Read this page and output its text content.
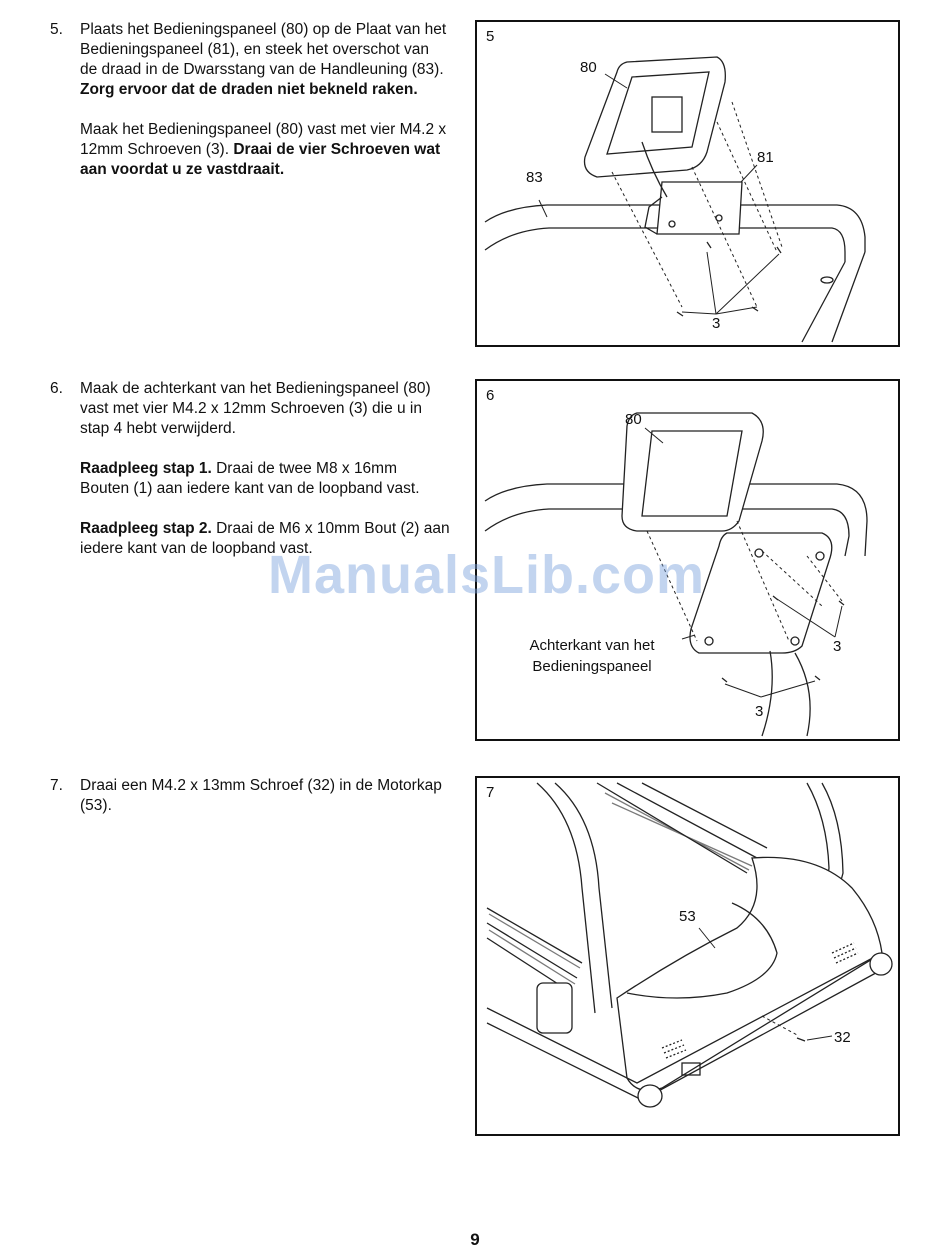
5. Plaats het Bedieningspaneel (80) op de Plaat van het Bedieningspaneel (81), en steek het overschot van de draad in de Dwarsstang van de Handleuning (83). Zorg ervoor dat de draden niet bekneld raken.

Maak het Bedieningspaneel (80) vast met vier M4.2 x 12mm Schroeven (3). Draai de vier Schroeven wat aan voordat u ze vastdraait.

6. Maak de achterkant van het Bedieningspaneel (80) vast met vier M4.2 x 12mm Schroeven (3) die u in stap 4 hebt verwijderd.

Raadpleeg stap 1. Draai de twee M8 x 16mm Bouten (1) aan iedere kant van de loopband vast.

Raadpleeg stap 2. Draai de M6 x 10mm Bout (2) aan iedere kant van de loopband vast.

7. Draai een M4.2 x 13mm Schroef (32) in de Motorkap (53).

5
80
81
83
3
6
80
3
3
Achterkant van het
Bedieningspaneel
7
53
32
ManualsLib.com
9
